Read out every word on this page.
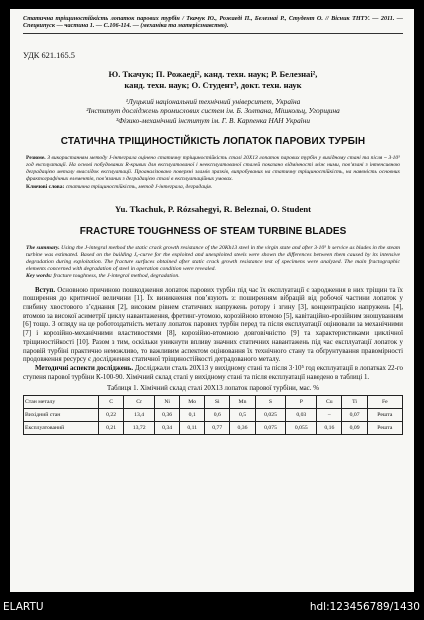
Статична тріщиностійкість лопаток парових турбін / Ткачук Ю., Рожаеді П., Белезнаі Р., Студент О. // Вісник ТНТУ. — 2011. — Спецвипуск — частина 1. — С.106-114. — (механіка та матерієзнавство).
УДК 621.165.5
Ю. Ткачук; П. Рожаеді², канд. техн. наук; Р. Белезнаі²,
канд. техн. наук; О. Студент³, докт. техн. наук
¹Луцький національний технічний університет, Україна
²Інститут досліджень промислових систем ім. Б. Золтана, Мішкольц, Угорщина
³Фізико-механічний інститут ім. Г. В. Карпенка НАН України
СТАТИЧНА ТРІЩИНОСТІЙКІСТЬ ЛОПАТОК ПАРОВИХ ТУРБІН
Резюме. З використанням методу J-інтеграла оцінено статичну тріщиностійкість сталі 20Х13 лопаток парових турбін у вихідному стані та після ~ 3·10⁵ год експлуатації. На основі побудованих R-кривих для експлуатованої і неексплуатованої сталей показано відмінності між ними, пов’язані з інтенсивною деградацією металу внаслідок експлуатації. Проаналізовано поверхні зламів зразків, випробуваних на статичну тріщиностійкість, на наявність основних фрактографічних елементів, пов’язаних з деградацією сталі в експлуатаційних умовах.
Ключові слова: статична тріщиностійкість, метод J-інтеграла, деградація.
Yu. Tkachuk, P. Rózsahegyi, R. Beleznai, O. Student
FRACTURE TOUGHNESS OF STEAM TURBINE BLADES
The summary. Using the J-integral method the static crack growth resistance of the 20Kh13 steel in the virgin state and after 3·10⁵ h service as blades in the steam turbine was estimated. Based on the building Jₐ-curve for the exploited and unexploited steels were shown the differences between them caused by its intensive degradation during exploitation. The fracture surfaces obtained after static crack growth resistance test of specimens were analyzed. The main fractographic elements concerned with degradation of steel in operation condition were revealed.
Key words: fracture toughness, the J-integral method, degradation.
Вступ. Основною причиною пошкодження лопаток парових турбін під час їх експлуатації є зародження в них тріщин та їх поширення до критичної величини [1]. Їх виникнення пов’язують з: поширенням вібрацій від робочої частини лопаток у глибину хвостового з’єднання [2], високим рівнем статичних напружень ротору і згину [3], концентрацією напружень [4], втомою за високої асиметрії циклу навантаження, фретинг-утомою, корозійною втомою [5], кавітаційно-ерозійним зношуванням [6] тощо. З огляду на це роботоздатність металу лопаток парових турбін перед та після експлуатації оцінювали за механічними [7] і корозійно-механічними властивостями [8], корозійно-втомною довговічністю [9] та характеристиками циклічної тріщиностійкості [10]. Разом з тим, оскільки уникнути впливу значних статичних навантажень під час експлуатації лопаток у паровій турбіні практично неможливо, то важливим аспектом оцінювання їх технічного стану та обґрунтування правомірності продовження ресурсу є дослідження статичної тріщиностійкості деградованого металу.
Методичні аспекти досліджень. Досліджали сталь 20Х13 у вихідному стані та після 3·10⁵ год експлуатації в лопатках 22-го ступеня парової турбіни К-100-90. Хімічний склад сталі у вихідному стані та після експлуатації наведено в таблиці 1.
Таблиця 1. Хімічний склад сталі 20Х13 лопаток парової турбіни, мас. %
Стан металу	C	Cr	Ni	Mo	Si	Mn	S	P	Cu	Ti	Fe
Вихідний стан	0,22	13,4	0,36	0,1	0,6	0,5	0,025	0,03	–	0,07	Решта
Експлуатований	0,21	13,72	0,34	0,11	0,77	0,36	0,075	0,055	0,16	0,09	Решта
ELARTU	hdl:123456789/1430
